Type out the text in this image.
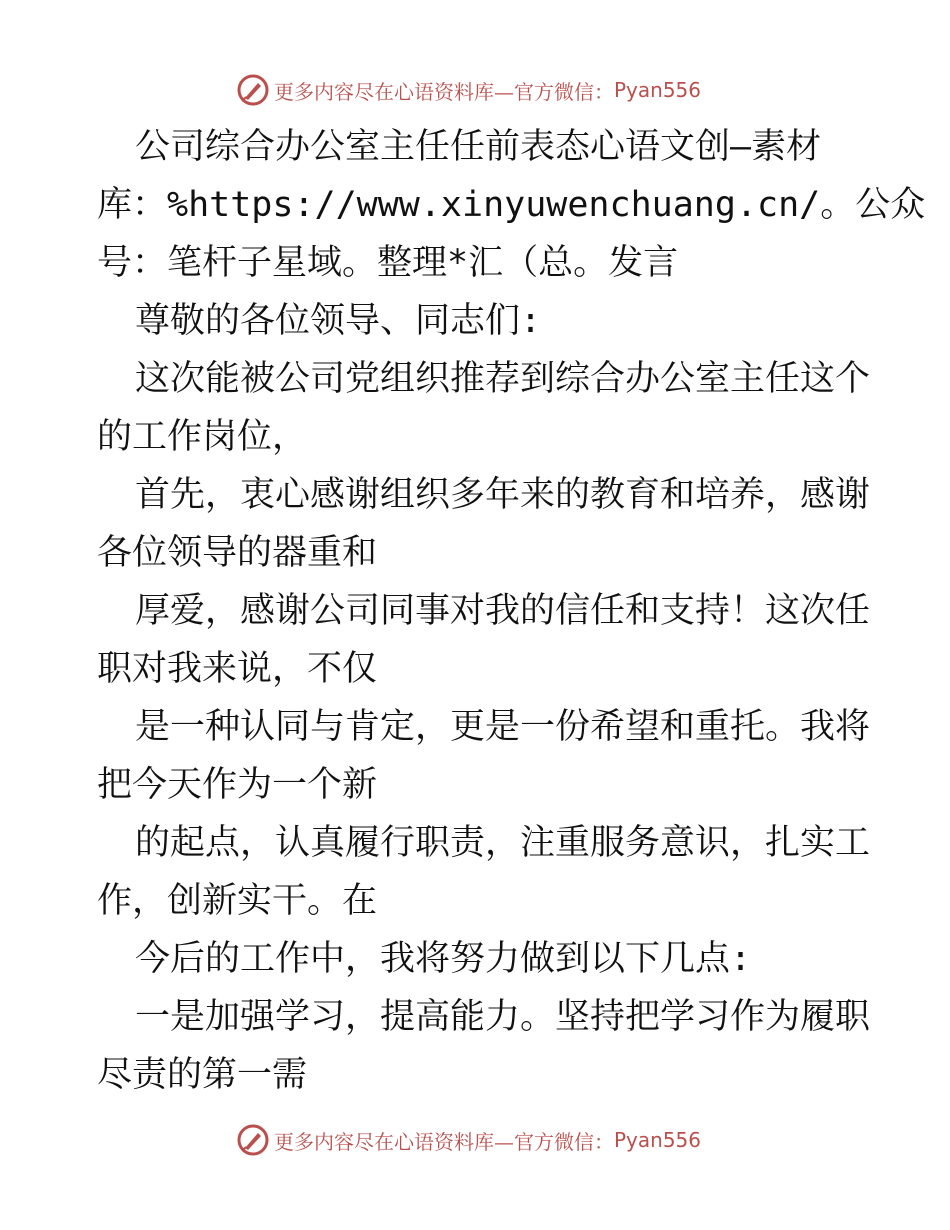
更多内容尽在心语资料库—官方微信： Pyan556
公司综合办公室主任任前表态心语文创—素材
库：%https://www.xinyuwenchuang.cn/。公众
号：笔杆子星域。整理*汇（总。发言
尊敬的各位领导、同志们:
这次能被公司党组织推荐到综合办公室主任这个
的工作岗位，
首先，衷心感谢组织多年来的教育和培养，感谢
各位领导的器重和
厚爱，感谢公司同事对我的信任和支持！这次任
职对我来说，不仅
是一种认同与肯定，更是一份希望和重托。我将
把今天作为一个新
的起点，认真履行职责，注重服务意识，扎实工
作，创新实干。在
今后的工作中，我将努力做到以下几点:
一是加强学习，提高能力。坚持把学习作为履职
尽责的第一需
更多内容尽在心语资料库—官方微信： Pyan556
